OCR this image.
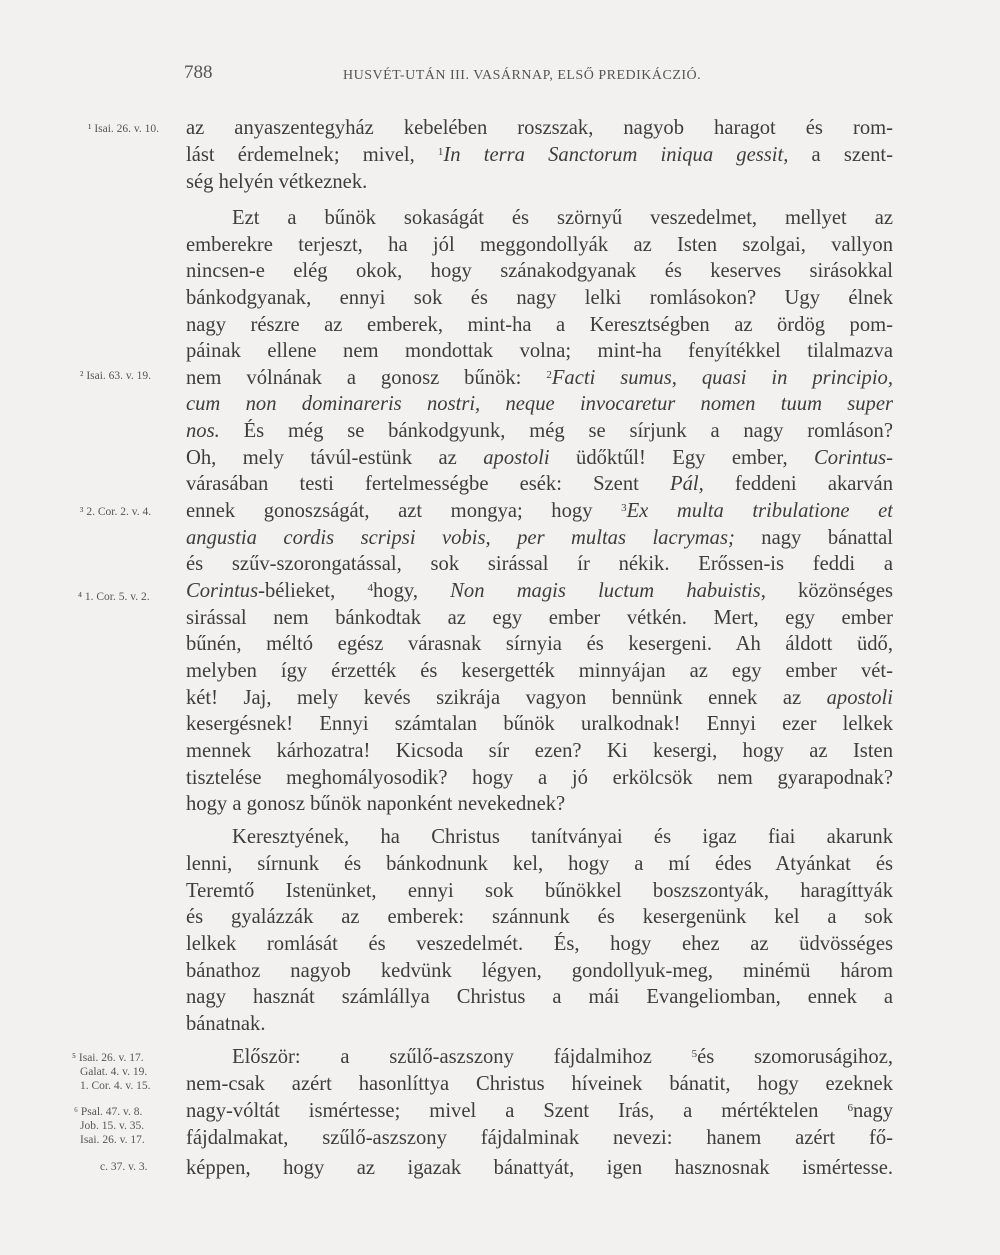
788	HUSVÉT-UTÁN III. VASÁRNAP, ELSŐ PREDIKÁCZIÓ.
¹ Isai. 26. v. 10.
² Isai. 63. v. 19.
³ 2. Cor. 2. v. 4.
⁴ 1. Cor. 5. v. 2.
⁵ Isai. 26. v. 17.
Galat. 4. v. 19.
1. Cor. 4. v. 15.
⁶ Psal. 47. v. 8.
Job. 15. v. 35.
Isai. 26. v. 17.
c. 37. v. 3.
az anyaszentegyház kebelében roszszak, nagyob haragot és rom-
lást érdemelnek; mivel, $^1$In terra Sanctorum iniqua gessit, a szent-
ség helyén vétkeznek.
Ezt a bűnök sokaságát és szörnyű veszedelmet, mellyet az
emberekre terjeszt, ha jól meggondollyák az Isten szolgai, vallyon
nincsen-e elég okok, hogy szánakodgyanak és keserves sirásokkal
bánkodgyanak, ennyi sok és nagy lelki romlásokon? Ugy élnek
nagy részre az emberek, mint-ha a Keresztségben az ördög pom-
páinak ellene nem mondottak volna; mint-ha fenyítékkel tilalmazva
nem vólnának a gonosz bűnök: $^2$Facti sumus, quasi in principio,
cum non dominareris nostri, neque invocaretur nomen tuum super
nos. És még se bánkodgyunk, még se sírjunk a nagy romláson?
Oh, mely távúl-estünk az apostoli üdőktűl! Egy ember, Corintus-
várasában testi fertelmességbe esék: Szent Pál, feddeni akarván
ennek gonoszságát, azt mongya; hogy $^3$Ex multa tribulatione et
angustia cordis scripsi vobis, per multas lacrymas; nagy bánattal
és szűv-szorongatással, sok sirással ír nékik. Erőssen-is feddi a
Corintus-bélieket, $^4$hogy, Non magis luctum habuistis, közönséges
sirással nem bánkodtak az egy ember vétkén. Mert, egy ember
bűnén, méltó egész várasnak sírnyia és kesergeni. Ah áldott üdő,
melyben így érzették és kesergették minnyájan az egy ember vét-
két! Jaj, mely kevés szikrája vagyon bennünk ennek az apostoli
kesergésnek! Ennyi számtalan bűnök uralkodnak! Ennyi ezer lelkek
mennek kárhozatra! Kicsoda sír ezen? Ki kesergi, hogy az Isten
tisztelése meghomályosodik? hogy a jó erkölcsök nem gyarapodnak?
hogy a gonosz bűnök naponként nevekednek?
Keresztyének, ha Christus tanítványai és igaz fiai akarunk
lenni, sírnunk és bánkodnunk kel, hogy a mí édes Atyánkat és
Teremtő Istenünket, ennyi sok bűnökkel boszszontyák, haragíttyák
és gyalázzák az emberek: szánnunk és kesergenünk kel a sok
lelkek romlását és veszedelmét. És, hogy ehez az üdvösséges
bánathoz nagyob kedvünk légyen, gondollyuk-meg, minémü három
nagy hasznát számlállya Christus a mái Evangeliomban, ennek a
bánatnak.
Először: a szűlő-aszszony fájdalmihoz $^5$és szomoruságihoz,
nem-csak azért hasonlíttya Christus híveinek bánatit, hogy ezeknek
nagy-vóltát ismértesse; mivel a Szent Irás, a mértéktelen $^6$nagy
fájdalmakat, szűlő-aszszony fájdalminak nevezi: hanem azért fő-
képpen, hogy az igazak bánattyát, igen hasznosnak ismértesse.
